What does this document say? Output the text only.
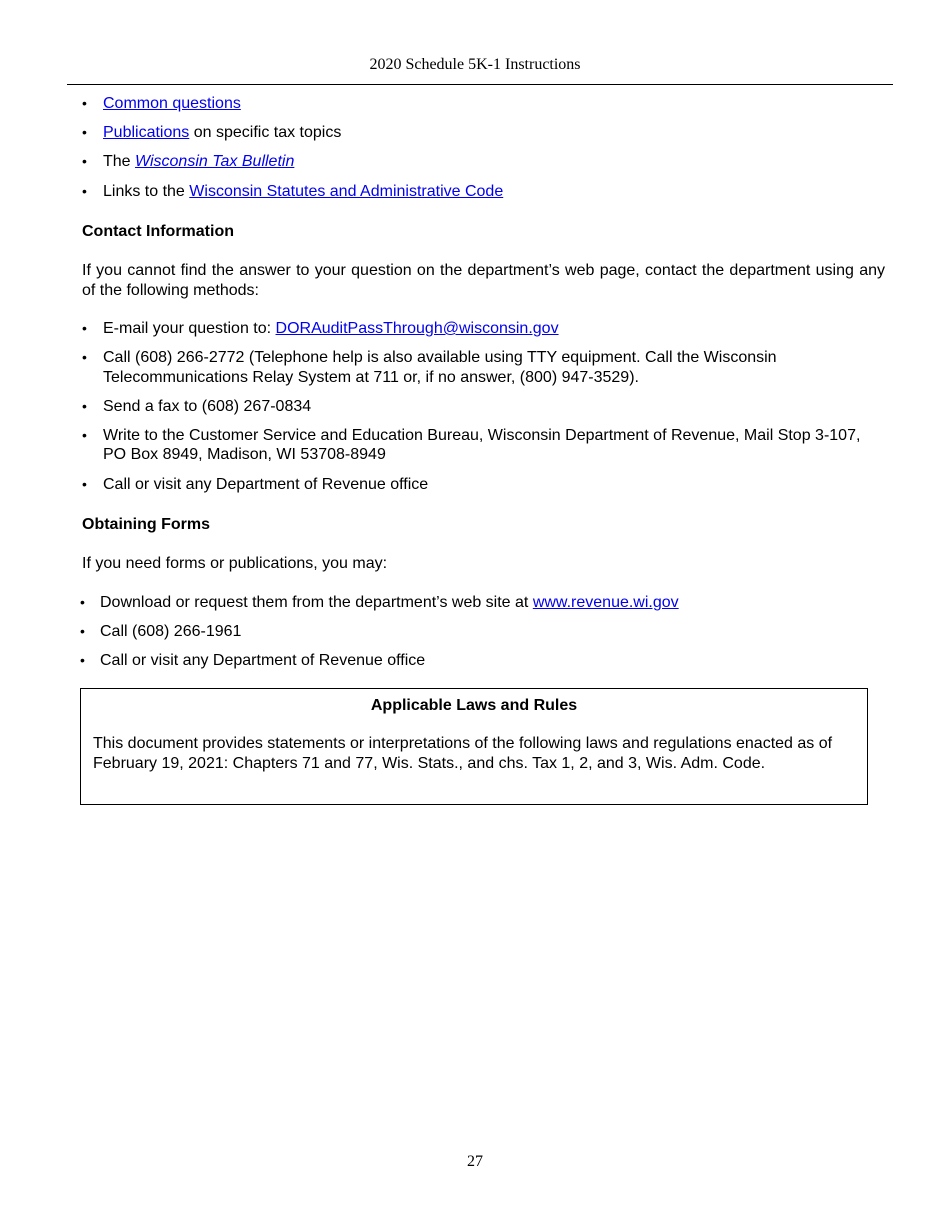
2020 Schedule 5K-1 Instructions
• Common questions
• Publications on specific tax topics
• The Wisconsin Tax Bulletin
• Links to the Wisconsin Statutes and Administrative Code
Contact Information

If you cannot find the answer to your question on the department’s web page, contact the department using any of the following methods:

• E-mail your question to: DORAuditPassThrough@wisconsin.gov
• Call (608) 266-2772 (Telephone help is also available using TTY equipment. Call the Wisconsin Telecommunications Relay System at 711 or, if no answer, (800) 947-3529).
• Send a fax to (608) 267-0834
• Write to the Customer Service and Education Bureau, Wisconsin Department of Revenue, Mail Stop 3-107, PO Box 8949, Madison, WI 53708-8949
• Call or visit any Department of Revenue office
Obtaining Forms

If you need forms or publications, you may:

• Download or request them from the department’s web site at www.revenue.wi.gov
• Call (608) 266-1961
• Call or visit any Department of Revenue office
Applicable Laws and Rules
This document provides statements or interpretations of the following laws and regulations enacted as of February 19, 2021: Chapters 71 and 77, Wis. Stats., and chs. Tax 1, 2, and 3, Wis. Adm. Code.
27
